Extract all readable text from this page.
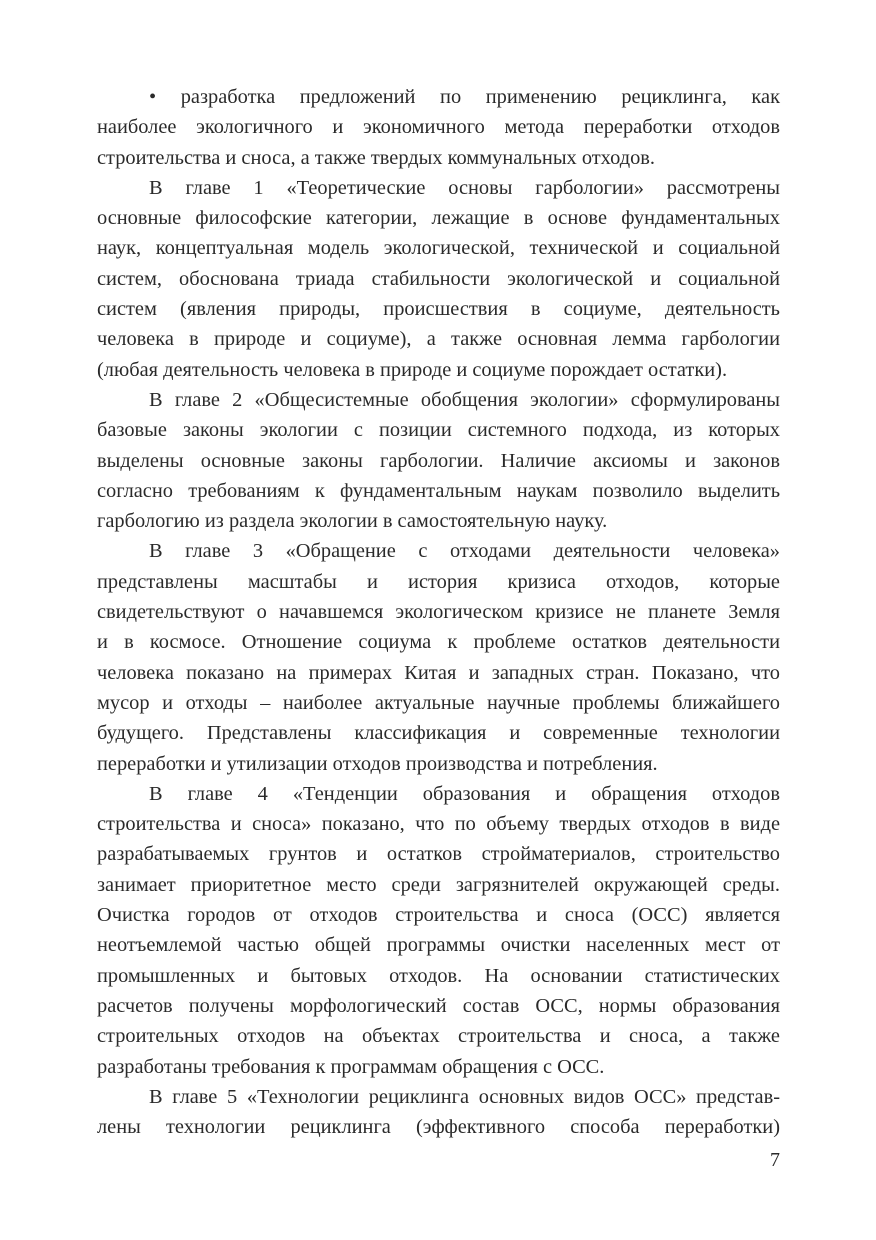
• разработка предложений по применению рециклинга, как
наиболее экологичного и экономичного метода переработки отходов
строительства и сноса, а также твердых коммунальных отходов.
В главе 1 «Теоретические основы гарбологии» рассмотрены
основные философские категории, лежащие в основе фундаментальных
наук, концептуальная модель экологической, технической и социальной
систем, обоснована триада стабильности экологической и социальной
систем (явления природы, происшествия в социуме, деятельность
человека в природе и социуме), а также основная лемма гарбологии
(любая деятельность человека в природе и социуме порождает остатки).
В главе 2 «Общесистемные обобщения экологии» сформулированы
базовые законы экологии с позиции системного подхода, из которых
выделены основные законы гарбологии. Наличие аксиомы и законов
согласно требованиям к фундаментальным наукам позволило выделить
гарбологию из раздела экологии в самостоятельную науку.
В главе 3 «Обращение с отходами деятельности человека»
представлены масштабы и история кризиса отходов, которые
свидетельствуют о начавшемся экологическом кризисе не планете Земля
и в космосе. Отношение социума к проблеме остатков деятельности
человека показано на примерах Китая и западных стран. Показано, что
мусор и отходы – наиболее актуальные научные проблемы ближайшего
будущего. Представлены классификация и современные технологии
переработки и утилизации отходов производства и потребления.
В главе 4 «Тенденции образования и обращения отходов
строительства и сноса» показано, что по объему твердых отходов в виде
разрабатываемых грунтов и остатков стройматериалов, строительство
занимает приоритетное место среди загрязнителей окружающей среды.
Очистка городов от отходов строительства и сноса (ОСС) является
неотъемлемой частью общей программы очистки населенных мест от
промышленных и бытовых отходов. На основании статистических
расчетов получены морфологический состав ОСС, нормы образования
строительных отходов на объектах строительства и сноса, а также
разработаны требования к программам обращения с ОСС.
В главе 5 «Технологии рециклинга основных видов ОСС» представ-
лены технологии рециклинга (эффективного способа переработки)
7
